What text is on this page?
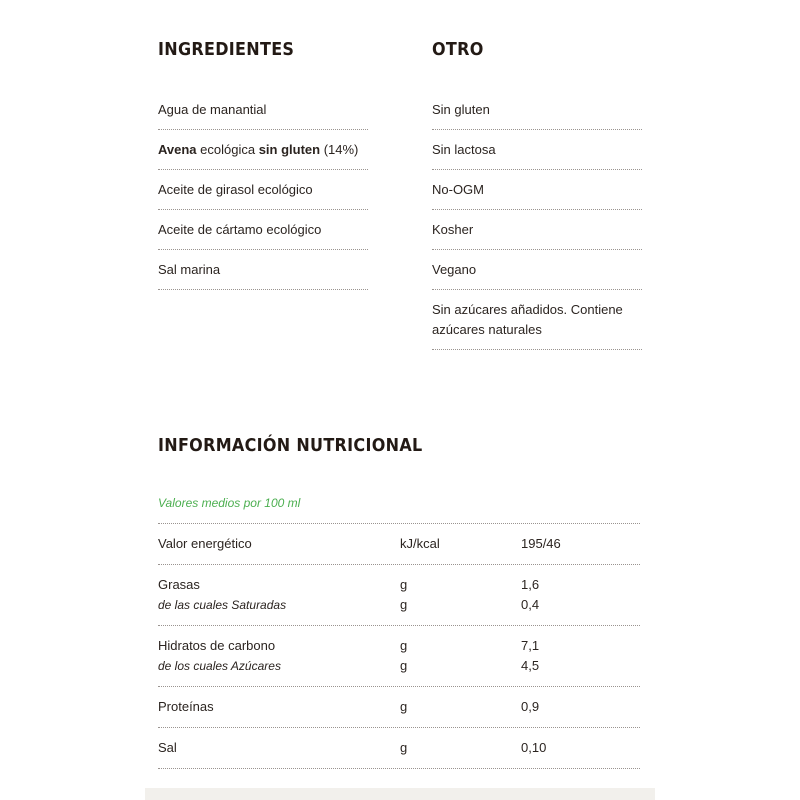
INGREDIENTES	OTRO
Agua de manantial
Avena ecológica sin gluten (14%)
Aceite de girasol ecológico
Aceite de cártamo ecológico
Sal marina
Sin gluten
Sin lactosa
No-OGM
Kosher
Vegano
Sin azúcares añadidos. Contiene azúcares naturales
INFORMACIÓN NUTRICIONAL
Valores medios por 100 ml
Valor energético	kJ/kcal	195/46
Grasas	g	1,6
de las cuales Saturadas	g	0,4
Hidratos de carbono	g	7,1
de los cuales Azúcares	g	4,5
Proteínas	g	0,9
Sal	g	0,10
